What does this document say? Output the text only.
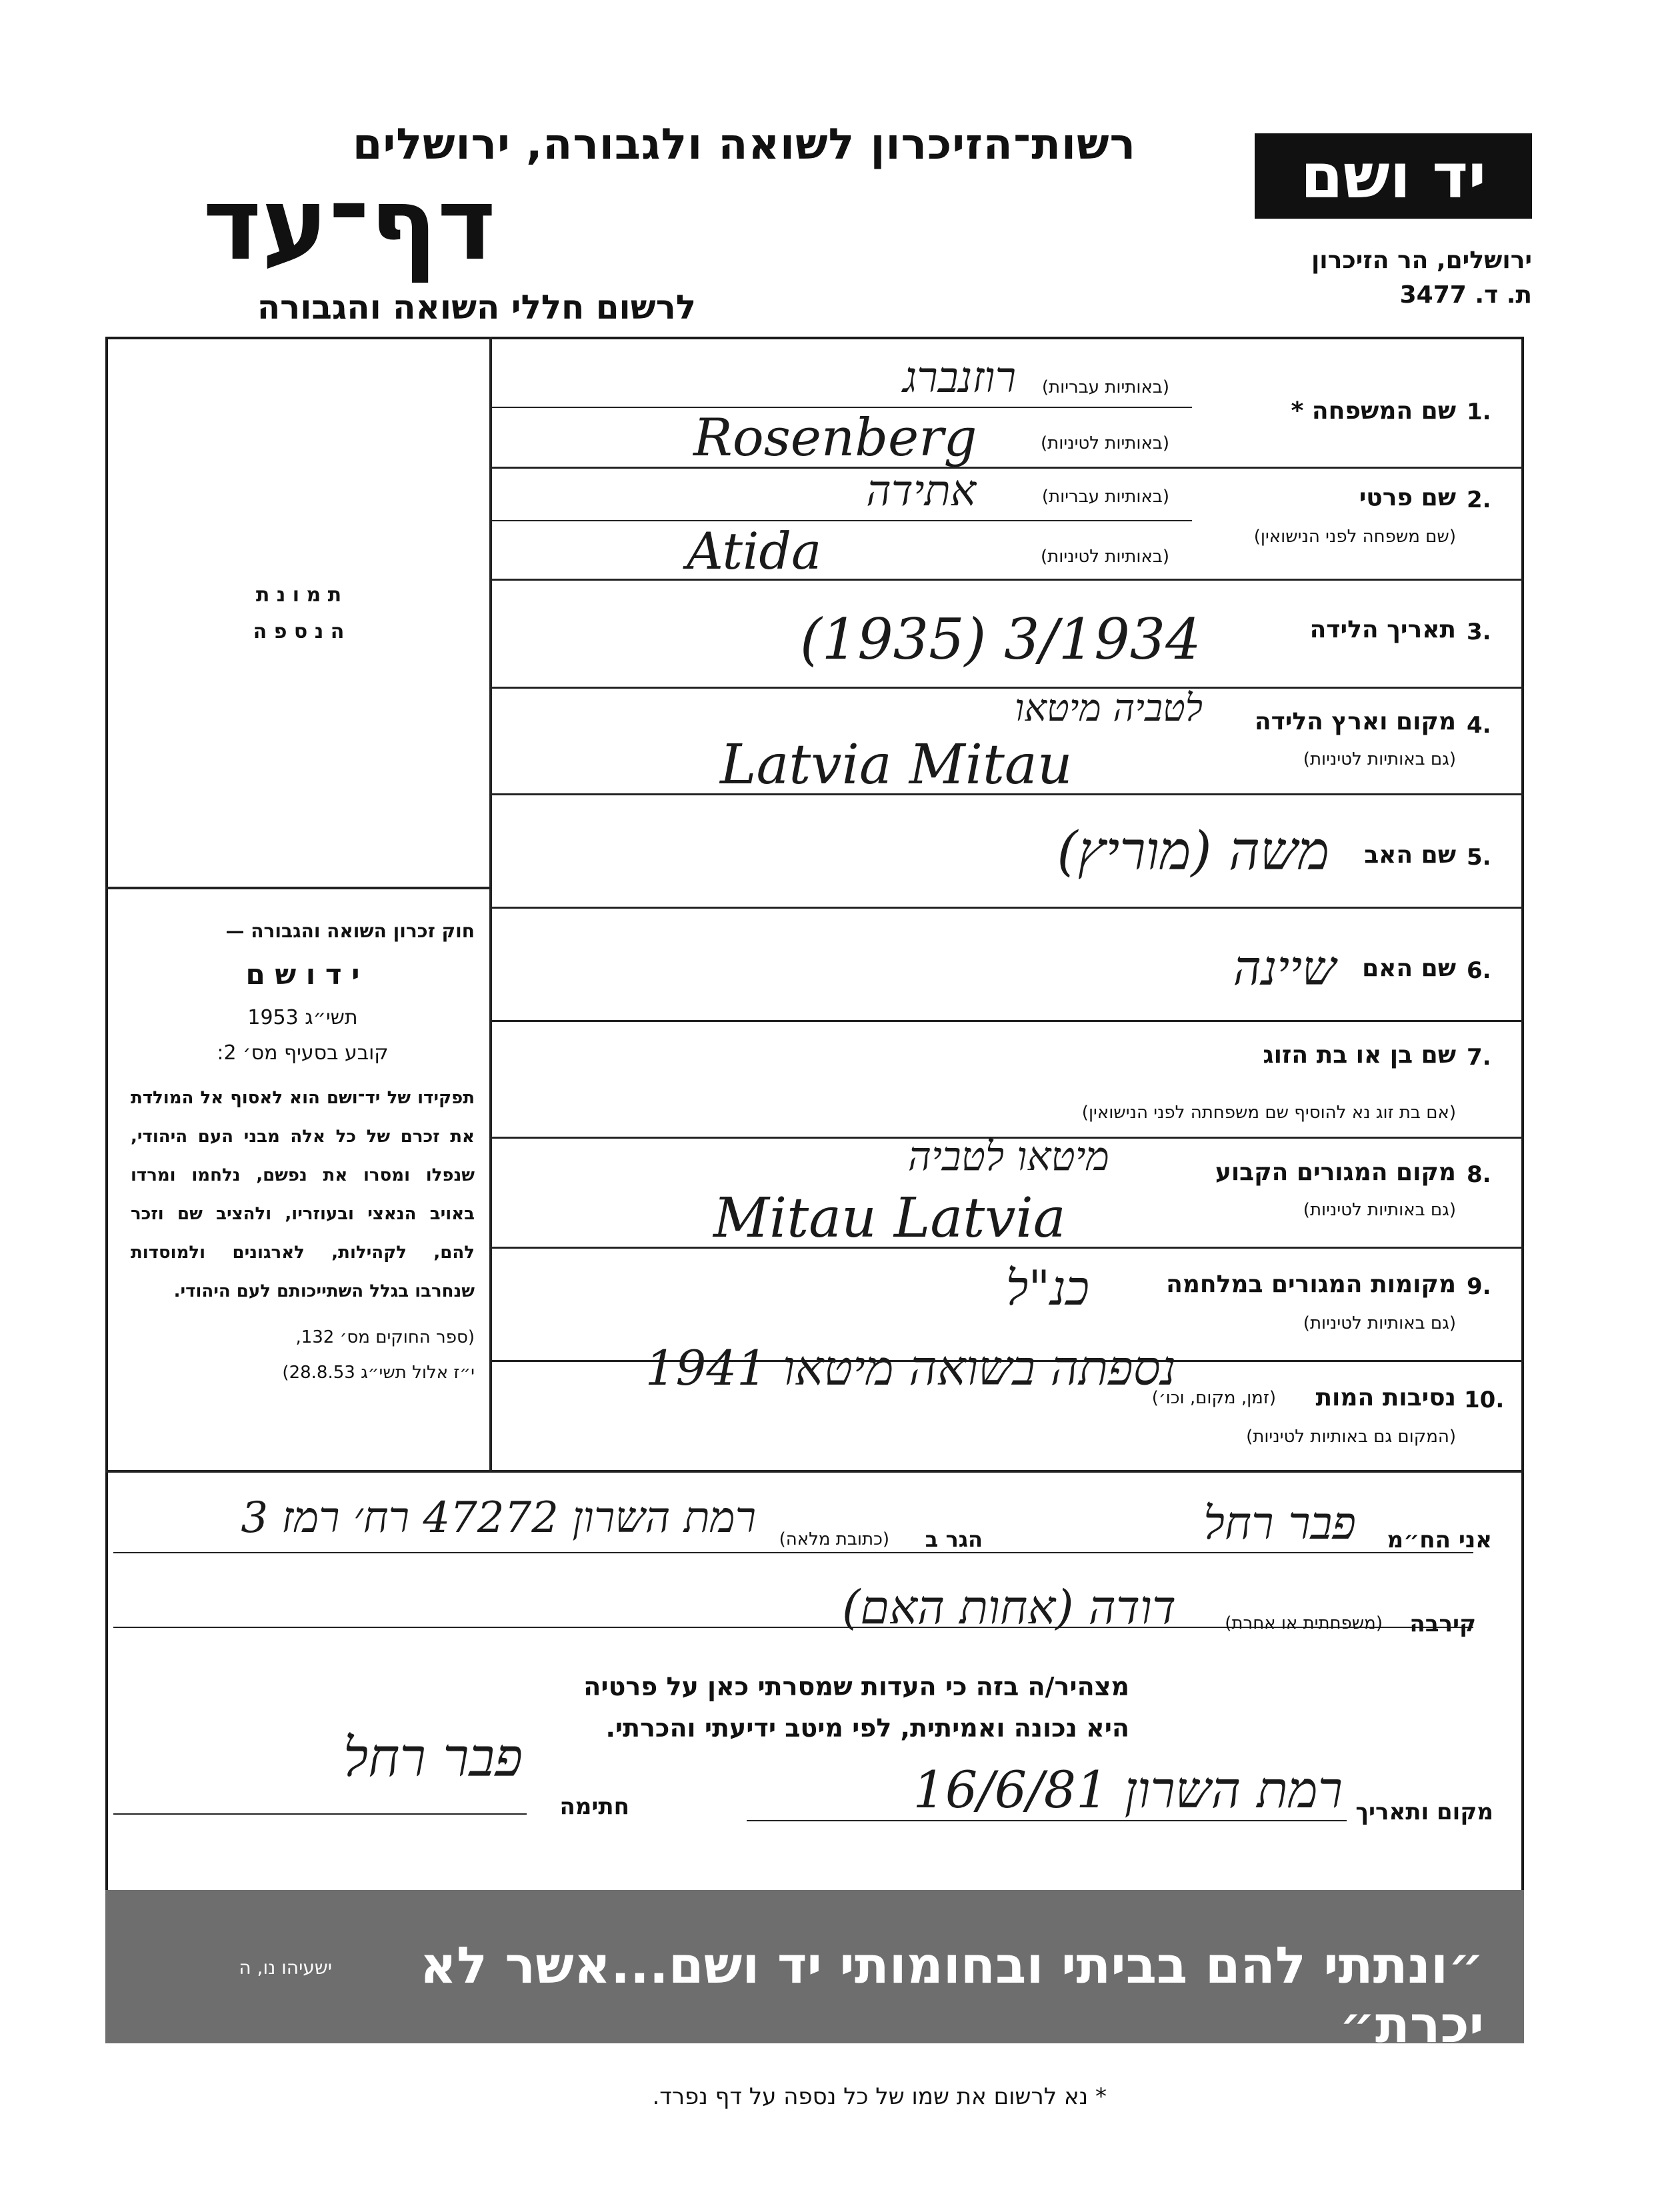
רשות־הזיכרון לשואה ולגבורה, ירושלים
דף־עד
לרשום חללי השואה והגבורה
יד ושם
ירושלים, הר הזיכרון
ת. ד. 3477
ת מ ו נ ת
ה נ ס פ ה

חוק זכרון השואה והגבורה —

י ד ו ש ם

תשי״ג 1953

קובע בסעיף מס׳ 2:

תפקידו של יד־ושם הוא לאסוף אל המולדת את זכרם של כל אלה מבני העם היהודי, שנפלו ומסרו את נפשם, נלחמו ומרדו באויב הנאצי ובעוזריו, ולהציב שם וזכר להם, לקהילות, לארגונים ולמוסדות שנחרבו בגלל השתייכותם לעם היהודי.

(ספר החוקים מס׳ 132,

י״ז אלול תשי״ג 28.8.53)

1.
שם המשפחה *
(באותיות עבריות)
(באותיות לטיניות)
רוזנברג
Rosenberg
2.
שם פרטי
(שם משפחה לפני הנישואין)
(באותיות עבריות)
(באותיות לטיניות)
אתידה
Atida
3.
תאריך הלידה
(1935) 3/1934
4.
מקום וארץ הלידה
(גם באותיות לטיניות)
לטביה מיטאו
Latvia Mitau
5.
שם האב
משה (מוריץ)
6.
שם האם
שיינה
7.
שם בן או בת הזוג
(אם בת זוג נא להוסיף שם משפחתה לפני הנישואין)
8.
מקום המגורים הקבוע
(גם באותיות לטיניות)
מיטאו לטביה
Mitau Latvia
9.
מקומות המגורים במלחמה
(גם באותיות לטיניות)
כנ"ל
10.
נסיבות המות
(זמן, מקום, וכו׳)
(המקום גם באותיות לטיניות)
נספתה בשואה מיטאו 1941
אני הח״מ
פבר רחל
הגר ב
(כתובת מלאה)
רמת השרון 47272 רח׳ רמז 3
קירבה
(משפחתית או אחרת)
דודה (אחות האם)
מצהיר/ה בזה כי העדות שמסרתי כאן על פרטיה
היא נכונה ואמיתית, לפי מיטב ידיעתי והכרתי.
מקום ותאריך
רמת השרון 16/6/81
חתימה
פבר רחל
״ונתתי להם בביתי ובחומותי יד ושם...אשר לא יכרת״
ישעיהו נו, ה
* נא לרשום את שמו של כל נספה על דף נפרד.
